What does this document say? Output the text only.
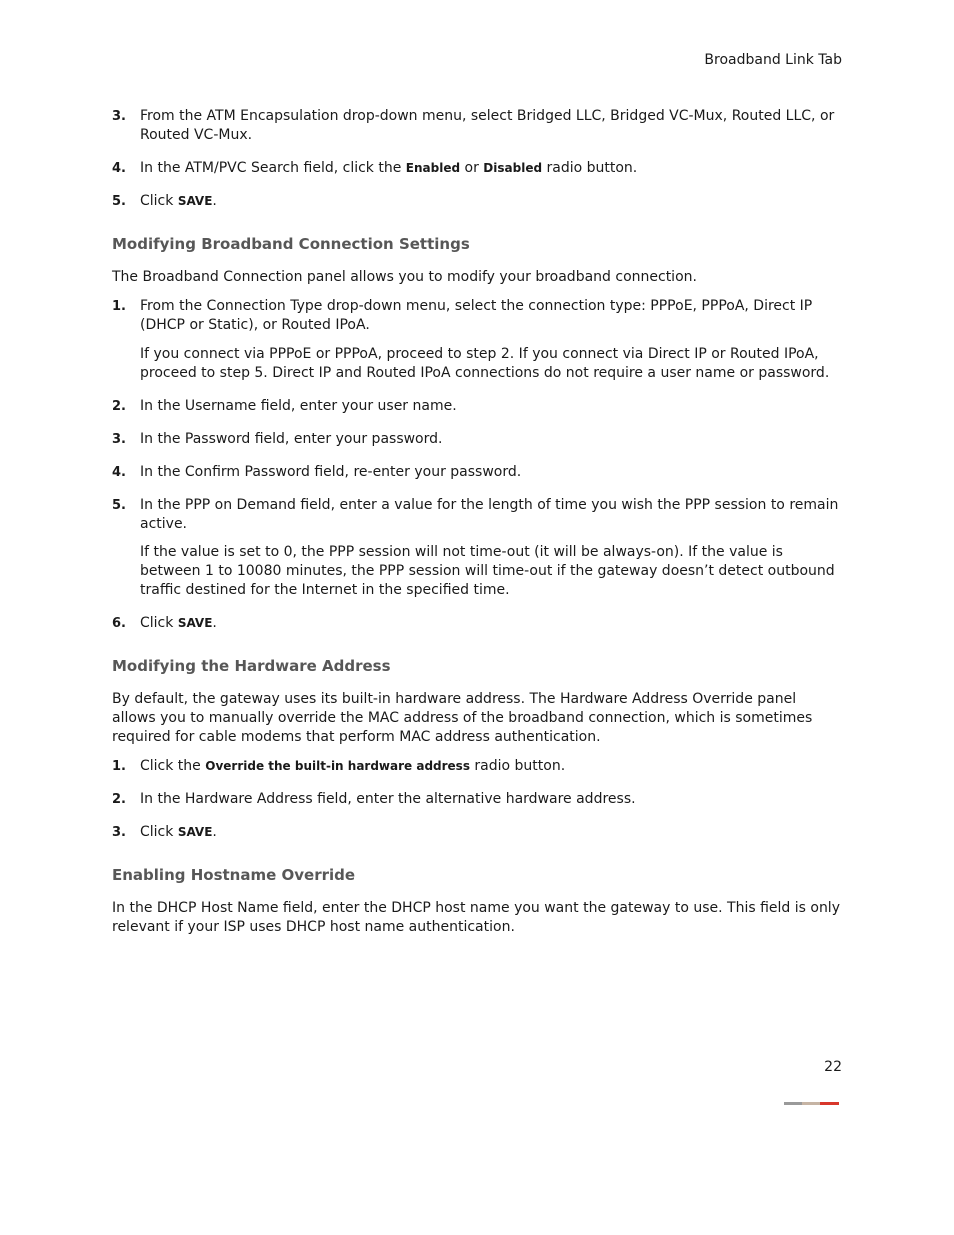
Broadband Link Tab
3.	From the ATM Encapsulation drop-down menu, select Bridged LLC, Bridged VC-Mux, Routed LLC, or Routed VC-Mux.
4.	In the ATM/PVC Search field, click the Enabled or Disabled radio button.
5.	Click SAVE.
Modifying Broadband Connection Settings

The Broadband Connection panel allows you to modify your broadband connection.

1.	From the Connection Type drop-down menu, select the connection type: PPPoE, PPPoA, Direct IP (DHCP or Static), or Routed IPoA.
If you connect via PPPoE or PPPoA, proceed to step 2. If you connect via Direct IP or Routed IPoA, proceed to step 5. Direct IP and Routed IPoA connections do not require a user name or password.
2.	In the Username field, enter your user name.
3.	In the Password field, enter your password.
4.	In the Confirm Password field, re-enter your password.
5.	In the PPP on Demand field, enter a value for the length of time you wish the PPP session to remain active.
If the value is set to 0, the PPP session will not time-out (it will be always-on). If the value is between 1 to 10080 minutes, the PPP session will time-out if the gateway doesn’t detect outbound traffic destined for the Internet in the specified time.
6.	Click SAVE.
Modifying the Hardware Address

By default, the gateway uses its built-in hardware address. The Hardware Address Override panel allows you to manually override the MAC address of the broadband connection, which is sometimes required for cable modems that perform MAC address authentication.

1.	Click the Override the built-in hardware address radio button.
2.	In the Hardware Address field, enter the alternative hardware address.
3.	Click SAVE.
Enabling Hostname Override

In the DHCP Host Name field, enter the DHCP host name you want the gateway to use. This field is only relevant if your ISP uses DHCP host name authentication.

22
